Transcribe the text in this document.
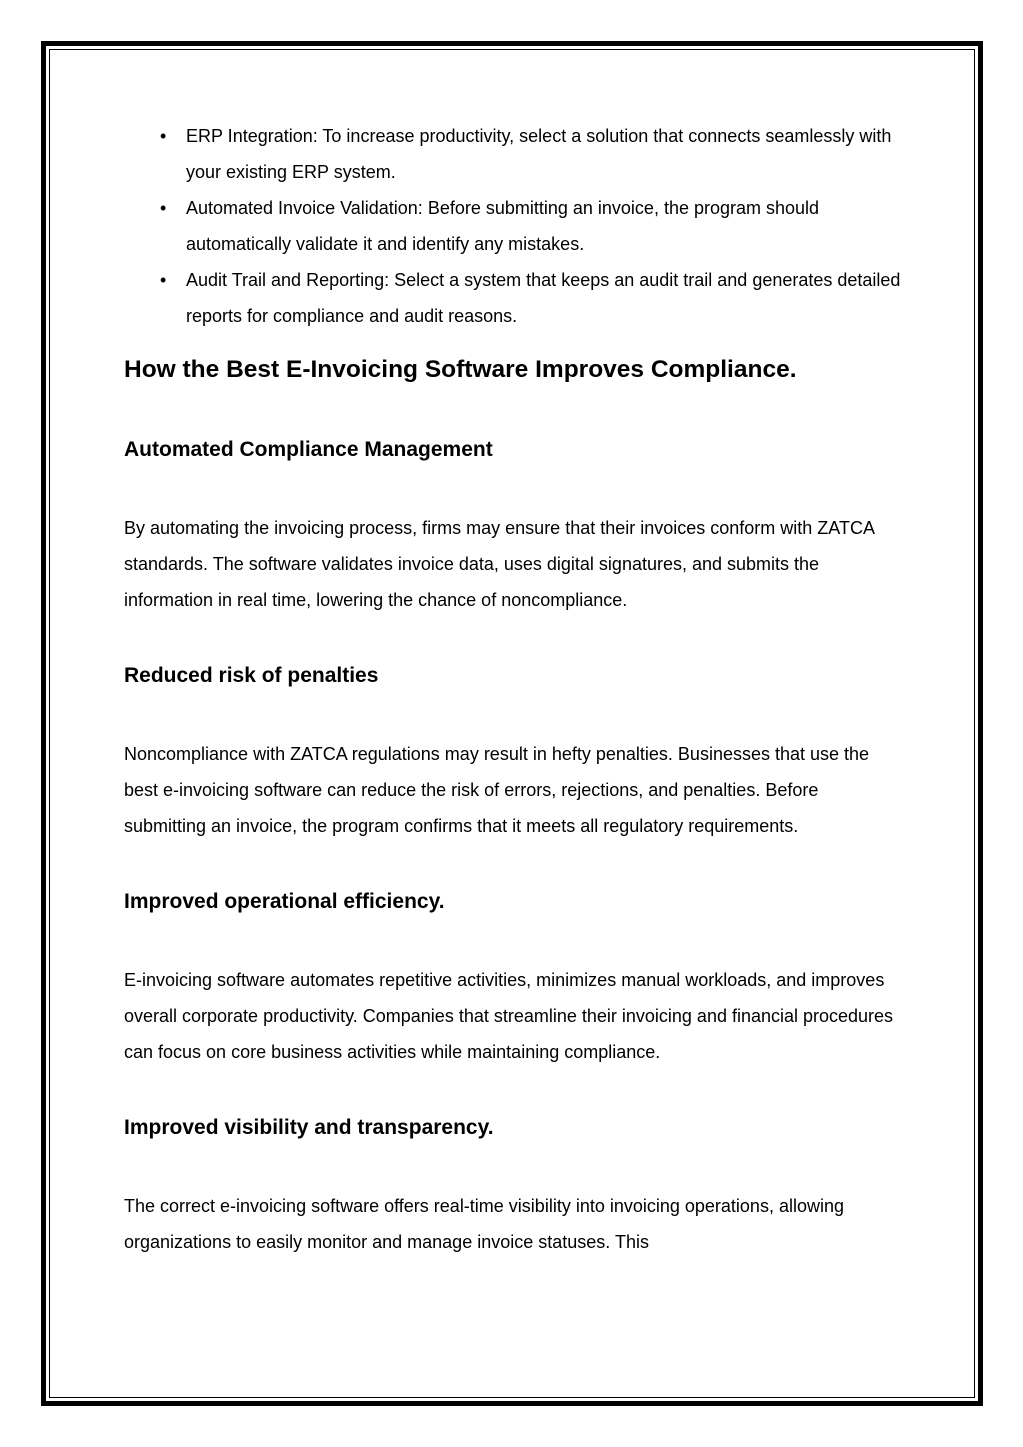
• ERP Integration: To increase productivity, select a solution that connects seamlessly with your existing ERP system.
• Automated Invoice Validation: Before submitting an invoice, the program should automatically validate it and identify any mistakes.
• Audit Trail and Reporting: Select a system that keeps an audit trail and generates detailed reports for compliance and audit reasons.
How the Best E-Invoicing Software Improves Compliance.
Automated Compliance Management

By automating the invoicing process, firms may ensure that their invoices conform with ZATCA standards. The software validates invoice data, uses digital signatures, and submits the information in real time, lowering the chance of noncompliance.

Reduced risk of penalties

Noncompliance with ZATCA regulations may result in hefty penalties. Businesses that use the best e-invoicing software can reduce the risk of errors, rejections, and penalties. Before submitting an invoice, the program confirms that it meets all regulatory requirements.

Improved operational efficiency.

E-invoicing software automates repetitive activities, minimizes manual workloads, and improves overall corporate productivity. Companies that streamline their invoicing and financial procedures can focus on core business activities while maintaining compliance.

Improved visibility and transparency.

The correct e-invoicing software offers real-time visibility into invoicing operations, allowing organizations to easily monitor and manage invoice statuses. This
